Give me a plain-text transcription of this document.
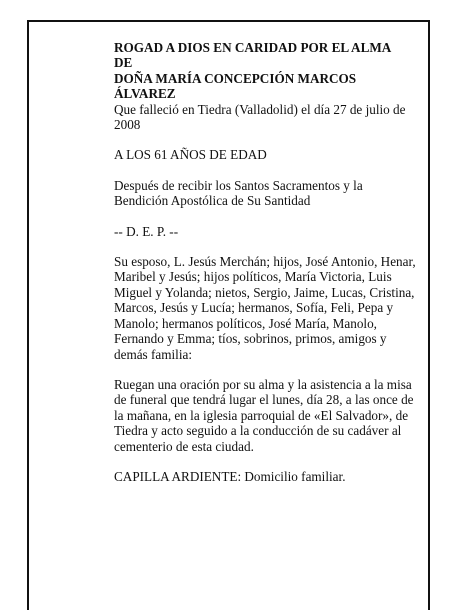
ROGAD A DIOS EN CARIDAD POR EL ALMA

DE

DOÑA MARÍA CONCEPCIÓN MARCOS

ÁLVAREZ

Que falleció en Tiedra (Valladolid) el día 27 de julio de 2008

A LOS 61 AÑOS DE EDAD

Después de recibir los Santos Sacramentos y la Bendición Apostólica de Su Santidad

-- D. E. P. --

Su esposo, L. Jesús Merchán; hijos, José Antonio, Henar, Maribel y Jesús; hijos políticos, María Victoria, Luis Miguel y Yolanda; nietos, Sergio, Jaime, Lucas, Cristina, Marcos, Jesús y Lucía; hermanos, Sofía, Feli, Pepa y Manolo; hermanos políticos, José María, Manolo, Fernando y Emma; tíos, sobrinos, primos, amigos y demás familia:

Ruegan una oración por su alma y la asistencia a la misa de funeral que tendrá lugar el lunes, día 28, a las once de la mañana, en la iglesia parroquial de «El Salvador», de Tiedra y acto seguido a la conducción de su cadáver al cementerio de esta ciudad.

CAPILLA ARDIENTE: Domicilio familiar.
